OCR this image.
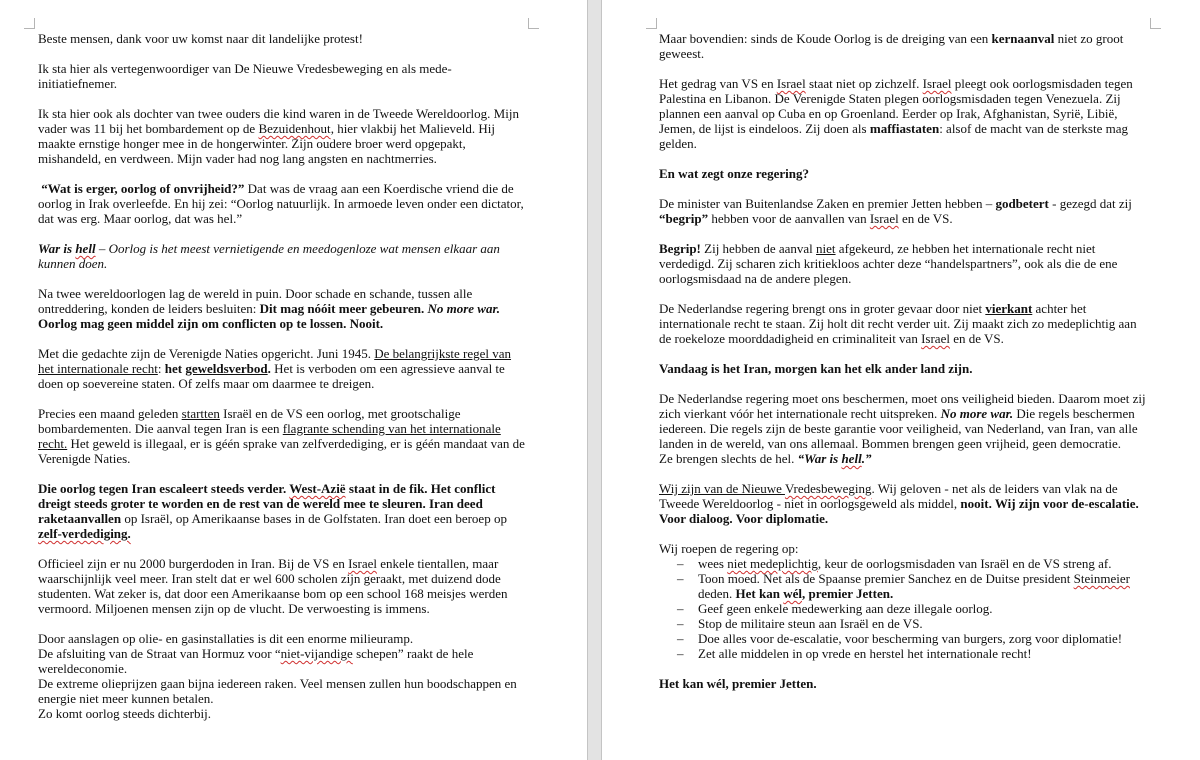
Beste mensen, dank voor uw komst naar dit landelijke protest!

Ik sta hier als vertegenwoordiger van De Nieuwe Vredesbeweging en als mede-initiatiefnemer.

Ik sta hier ook als dochter van twee ouders die kind waren in de Tweede Wereldoorlog. Mijn vader was 11 bij het bombardement op de Bezuidenhout, hier vlakbij het Malieveld. Hij maakte ernstige honger mee in de hongerwinter. Zijn oudere broer werd opgepakt, mishandeld, en verdween. Mijn vader had nog lang angsten en nachtmerries.

“Wat is erger, oorlog of onvrijheid?” Dat was de vraag aan een Koerdische vriend die de oorlog in Irak overleefde. En hij zei: “Oorlog natuurlijk. In armoede leven onder een dictator, dat was erg. Maar oorlog, dat was hel.”

War is hell – Oorlog is het meest vernietigende en meedogenloze wat mensen elkaar aan kunnen doen.

Na twee wereldoorlogen lag de wereld in puin. Door schade en schande, tussen alle ontreddering, konden de leiders besluiten: Dit mag nóóit meer gebeuren. No more war.
Oorlog mag geen middel zijn om conflicten op te lossen. Nooit.

Met die gedachte zijn de Verenigde Naties opgericht. Juni 1945. De belangrijkste regel van het internationale recht: het geweldsverbod. Het is verboden om een agressieve aanval te doen op soevereine staten. Of zelfs maar om daarmee te dreigen.

Precies een maand geleden startten Israël en de VS een oorlog, met grootschalige bombardementen. Die aanval tegen Iran is een flagrante schending van het internationale recht. Het geweld is illegaal, er is géén sprake van zelfverdediging, er is géén mandaat van de Verenigde Naties.

Die oorlog tegen Iran escaleert steeds verder. West-Azië staat in de fik. Het conflict dreigt steeds groter te worden en de rest van de wereld mee te sleuren. Iran deed raketaanvallen op Israël, op Amerikaanse bases in de Golfstaten. Iran doet een beroep op zelf-verdediging.

Officieel zijn er nu 2000 burgerdoden in Iran. Bij de VS en Israel enkele tientallen, maar waarschijnlijk veel meer. Iran stelt dat er wel 600 scholen zijn geraakt, met duizend dode studenten. Wat zeker is, dat door een Amerikaanse bom op een school 168 meisjes werden vermoord. Miljoenen mensen zijn op de vlucht. De verwoesting is immens.

Door aanslagen op olie- en gasinstallaties is dit een enorme milieuramp.

De afsluiting van de Straat van Hormuz voor “niet-vijandige schepen” raakt de hele wereldeconomie.

De extreme olieprijzen gaan bijna iedereen raken. Veel mensen zullen hun boodschappen en energie niet meer kunnen betalen.

Zo komt oorlog steeds dichterbij.

Maar bovendien: sinds de Koude Oorlog is de dreiging van een kernaanval niet zo groot geweest.

Het gedrag van VS en Israel staat niet op zichzelf. Israel pleegt ook oorlogsmisdaden tegen Palestina en Libanon. De Verenigde Staten plegen oorlogsmisdaden tegen Venezuela. Zij plannen een aanval op Cuba en op Groenland. Eerder op Irak, Afghanistan, Syrië, Libië, Jemen, de lijst is eindeloos. Zij doen als maffiastaten: alsof de macht van de sterkste mag gelden.

En wat zegt onze regering?

De minister van Buitenlandse Zaken en premier Jetten hebben – godbetert - gezegd dat zij “begrip” hebben voor de aanvallen van Israel en de VS.

Begrip! Zij hebben de aanval niet afgekeurd, ze hebben het internationale recht niet verdedigd. Zij scharen zich kritiekloos achter deze “handelspartners”, ook als die de ene oorlogsmisdaad na de andere plegen.

De Nederlandse regering brengt ons in groter gevaar door niet vierkant achter het internationale recht te staan. Zij holt dit recht verder uit. Zij maakt zich zo medeplichtig aan de roekeloze moorddadigheid en criminaliteit van Israel en de VS.

Vandaag is het Iran, morgen kan het elk ander land zijn.

De Nederlandse regering moet ons beschermen, moet ons veiligheid bieden. Daarom moet zij zich vierkant vóór het internationale recht uitspreken. No more war. Die regels beschermen iedereen. Die regels zijn de beste garantie voor veiligheid, van Nederland, van Iran, van alle landen in de wereld, van ons allemaal. Bommen brengen geen vrijheid, geen democratie.

Ze brengen slechts de hel. “War is hell.”

Wij zijn van de Nieuwe Vredesbeweging. Wij geloven - net als de leiders van vlak na de Tweede Wereldoorlog - niet in oorlogsgeweld als middel, nooit. Wij zijn voor de-escalatie. Voor dialoog. Voor diplomatie.

Wij roepen de regering op:

– wees niet medeplichtig, keur de oorlogsmisdaden van Israël en de VS streng af.
– Toon moed. Net als de Spaanse premier Sanchez en de Duitse president Steinmeier deden. Het kan wél, premier Jetten.
– Geef geen enkele medewerking aan deze illegale oorlog.
– Stop de militaire steun aan Israël en de VS.
– Doe alles voor de-escalatie, voor bescherming van burgers, zorg voor diplomatie!
– Zet alle middelen in op vrede en herstel het internationale recht!

Het kan wél, premier Jetten.
